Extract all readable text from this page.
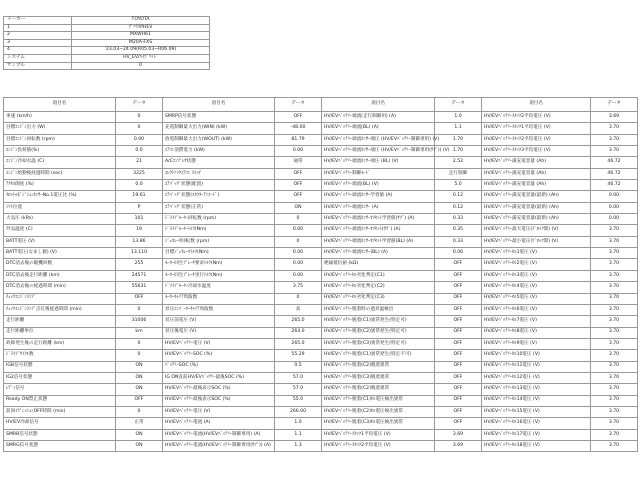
メーカー	TOYOTA
1	ﾌﾟﾘｳｽPHEV
2	MXWH61
3	M20A-FXS
4	'23.03~24.09(R05.03~R06.09)
システム	HV_EV/ﾊｲﾌﾞﾘｯﾄﾞ
サンプル	0
項目名	データ	項目名	データ	項目名	データ	項目名	データ
車速 (km/h)	0	SMRP信号状態	OFF	HV/EVﾊﾞｯﾃﾘｰ端流(走行制御用) (A)	1.0	HV/EVﾊﾞｯﾃﾘｰｽﾀｯｸ2平均電圧 (V)	3.69
目標ｴﾝｼﾞﾝ出力 (W)	0	充電制御最大出力(WIN) (kW)	-48.00	HV/EVﾊﾞｯﾃﾘｰ端流(BL) (A)	1.1	HV/EVﾊﾞｯﾃﾘｰｽﾀｯｸ1平均電圧 (V)	3.70
目標ｴﾝｼﾞﾝ回転数 (rpm)	0.00	放電制御最大出力(WOUT) (kW)	81.79	HV/EVﾊﾞｯﾃﾘｰ端流ｾﾝｻｰ端圧 (HV/EVﾊﾞｯﾃﾘｰ制御専用) (V)	1.70	HV/EVﾊﾞｯﾃﾘｰｽﾀｯｸ2平均電圧 (V)	3.70
ｴﾝｼﾞﾝ負荷値(%)	0.0	ｴｱｺﾝ消費電力 (kW)	0.00	HV/EVﾊﾞｯﾃﾘｰ端流ｾﾝｻｰ端圧 (HV/EVﾊﾞｯﾃﾘｰ制御専用(ｻﾌﾞ)) (V)	1.70	HV/EVﾊﾞｯﾃﾘｰｽﾀｯｸ3平均電圧 (V)	3.70
ｴﾝｼﾞﾝ冷却水温 (C)	21	A/Cｺﾝﾌﾟﾚｻ状態	通常	HV/EVﾊﾞｯﾃﾘｰ端流ｾﾝｻｰ端圧 (BL) (V)	2.52	HV/EVﾊﾞｯﾃﾘｰ満充電容量 (Ah)	46.72
ｴﾝｼﾞﾝ始動後経過時間 (sec)	3225	ｴﾚｸﾄﾘｯｸｴｱｺﾝ ｽｲｯﾁ	OFF	HV/EVﾊﾞｯﾃﾘｰ制御ﾓｰﾄﾞ	走行制御	HV/EVﾊﾞｯﾃﾘｰ満充電容量 (Ah)	46.72
ｱｸｾﾙ開度 (%)	0.0	ｴｱﾊﾞｯｸﾞ状態(配置)	OFF	HV/EVﾊﾞｯﾃﾘｰ端流(BL) (V)	5.0	HV/EVﾊﾞｯﾃﾘｰ満充電容量 (Ah)	46.72
ｽﾛｯﾄﾙﾎﾟｼﾞｼｮﾝｾﾝｻｰNo.1電圧比 (%)	19.61	ｴｱﾊﾞｯｸﾞ状態(ｺﾈｸﾀｰｱﾝｺｰﾄﾞ)	OFF	HV/EVﾊﾞｯﾃﾘｰ端流ｾﾝｻｰ学習値 (A)	0.12	HV/EVﾊﾞｯﾃﾘｰ満充電容量(最新) (Ah)	0.00
ｼﾌﾄ位置	P	ｴｱﾊﾞｯｸﾞ状態(正常)	ON	HV/EVﾊﾞｯﾃﾘｰ端流ｾﾝｻｰ (A)	0.12	HV/EVﾊﾞｯﾃﾘｰ満充電容量(最新) (Ah)	0.00
大気圧 (kPa)	101	ﾄﾞﾗｲﾌﾞﾓｰﾀｰ回転数 (rpm)	0	HV/EVﾊﾞｯﾃﾘｰ端流ｾﾝｻｰｵﾌｾｯﾄ学習値(ｻﾌﾞ) (A)	0.33	HV/EVﾊﾞｯﾃﾘｰ満充電容量(最新) (Ah)	0.00
外気温度 (C)	19	ﾄﾞﾗｲﾌﾞﾓｰﾀｰﾄﾙｸ(Nm)	0.00	HV/EVﾊﾞｯﾃﾘｰ端流ｾﾝｻｰｵﾌｾｯﾄ(ｻﾌﾞ) (A)	0.35	HV/EVﾊﾞｯﾃﾘｰ最大電圧(ﾌﾞﾛｯｸ間) (V)	3.70
BATT電圧 (V)	13.86	ｼﾞｪﾈﾚｰﾀ回転数 (rpm)	0	HV/EVﾊﾞｯﾃﾘｰ端流ｾﾝｻｰｵﾌｾｯﾄ学習値(BL) (A)	0.33	HV/EVﾊﾞｯﾃﾘｰ最小電圧(ﾌﾞﾛｯｸ間) (V)	3.70
BATT電圧(なまし値) (V)	13.110	目標ｼﾞｪﾈﾚｰﾀﾄﾙｸ(Nm)	0.00	HV/EVﾊﾞｯﾃﾘｰ端流ｾﾝｻｰ(BL) (A)	0.06	HV/EVﾊﾞｯﾃﾘｰｾﾙ1電圧 (V)	3.70
DTC消去後の暖機回数	255	ﾓｰﾀｰ回生ﾌﾞﾚｰｷ要求ﾄﾙｸ(Nm)	0.00	絶縁抵抗値 (kΩ)	OFF	HV/EVﾊﾞｯﾃﾘｰｾﾙ2電圧 (V)	3.70
DTC消去後走行距離 (km)	24571	ﾓｰﾀｰ回生ﾌﾞﾚｰｷ実行ﾄﾙｸ(Nm)	0.00	HV/EVﾊﾞｯﾃﾘｰｾﾙ劣化判定(C1)	OFF	HV/EVﾊﾞｯﾃﾘｰｾﾙ3電圧 (V)	3.70
DTC消去後の経過時間 (min)	55631	ﾄﾞﾗｲﾌﾞﾓｰﾀｰ冷却水温度	3.75	HV/EVﾊﾞｯﾃﾘｰｾﾙ劣化判定(C2)	OFF	HV/EVﾊﾞｯﾃﾘｰｾﾙ4電圧 (V)	3.70
ﾁｪｯｸｴﾝｼﾞﾝﾗﾝﾌﾟ	OFF	ﾓｰﾀｰｷｬﾘｱ周波数	0	HV/EVﾊﾞｯﾃﾘｰｾﾙ劣化判定(C3)	OFF	HV/EVﾊﾞｯﾃﾘｰｾﾙ5電圧 (V)	3.70
ﾁｪｯｸｴﾝｼﾞﾝﾗﾝﾌﾟ点灯後経過時間 (min)	0	昇圧ｺﾝﾊﾞｰﾀｰｷｬﾘｱ周波数	高	HV/EVﾊﾞｯﾃﾘｰ脱着時の過昇温検出	OFF	HV/EVﾊﾞｯﾃﾘｰｾﾙ6電圧 (V)	3.70
走行距離	31006	昇圧前電圧 (V)	265.0	HV/EVﾊﾞｯﾃﾘｰ脱着(C1)異常発生(特定可)	OFF	HV/EVﾊﾞｯﾃﾘｰｾﾙ7電圧 (V)	3.70
走行距離単位	km	昇圧後電圧 (V)	264.0	HV/EVﾊﾞｯﾃﾘｰ脱着(C2)異常発生(特定可)	OFF	HV/EVﾊﾞｯﾃﾘｰｾﾙ8電圧 (V)	3.70
故障発生後の走行距離 (km)	0	HV/EVﾊﾞｯﾃﾘｰ電圧 (V)	265.0	HV/EVﾊﾞｯﾃﾘｰ脱着(C3)異常発生(特定可)	OFF	HV/EVﾊﾞｯﾃﾘｰｾﾙ9電圧 (V)	3.70
ﾄﾞﾗｲﾌﾞｻｲｸﾙ数	0	HV/EVﾊﾞｯﾃﾘｰSOC (%)	55.29	HV/EVﾊﾞｯﾃﾘｰ脱着(C1)異常発生(特定不可)	OFF	HV/EVﾊﾞｯﾃﾘｰｾﾙ10電圧 (V)	3.70
IGB信号状態	ON	ﾊﾞｯﾃﾘｰSOC (%)	0.5	HV/EVﾊﾞｯﾃﾘｰ脱着(C2)脱着異常	OFF	HV/EVﾊﾞｯﾃﾘｰｾﾙ11電圧 (V)	3.70
IG2信号状態	ON	IG ON直前HV/EVﾊﾞｯﾃﾘｰ最後SOC (%)	57.0	HV/EVﾊﾞｯﾃﾘｰ脱着(C3)脱着異常	OFF	HV/EVﾊﾞｯﾃﾘｰｾﾙ12電圧 (V)	3.70
ﾚﾃﾞｨ信号	ON	HV/EVﾊﾞｯﾃﾘｰ最後表示SOC (%)	57.0	HV/EVﾊﾞｯﾃﾘｰ脱着(C2)脱着異常	OFF	HV/EVﾊﾞｯﾃﾘｰｾﾙ13電圧 (V)	3.70
Ready ON禁止状態	OFF	HV/EVﾊﾞｯﾃﾘｰ最後表示SOC (%)	55.0	HV/EVﾊﾞｯﾃﾘｰ脱着(C1)ｾﾙ電圧検出異常	OFF	HV/EVﾊﾞｯﾃﾘｰｾﾙ14電圧 (V)	3.70
前回ｲｸﾞﾆｯｼｮﾝOFF時間 (min)	0	HV/EVﾊﾞｯﾃﾘｰ電圧 (V)	266.00	HV/EVﾊﾞｯﾃﾘｰ脱着(C2)ｾﾙ電圧検出異常	OFF	HV/EVﾊﾞｯﾃﾘｰｾﾙ15電圧 (V)	3.70
HV/EV冷却信号	正常	HV/EVﾊﾞｯﾃﾘｰ電流 (A)	1.0	HV/EVﾊﾞｯﾃﾘｰ脱着(C3)ｾﾙ電圧検出異常	OFF	HV/EVﾊﾞｯﾃﾘｰｾﾙ16電圧 (V)	3.70
SMRB信号状態	ON	HV/EVﾊﾞｯﾃﾘｰ電流(HV/EVﾊﾞｯﾃﾘｰ制御専用) (A)	1.1	HV/EVﾊﾞｯﾃﾘｰｽﾀｯｸ1平均電圧 (V)	3.69	HV/EVﾊﾞｯﾃﾘｰｾﾙ17電圧 (V)	3.70
SMRG信号状態	ON	HV/EVﾊﾞｯﾃﾘｰ電流(HV/EVﾊﾞｯﾃﾘｰ制御専用(ｻﾌﾞ)) (A)	1.3	HV/EVﾊﾞｯﾃﾘｰｽﾀｯｸ2平均電圧 (V)	3.69	HV/EVﾊﾞｯﾃﾘｰｾﾙ18電圧 (V)	3.70
